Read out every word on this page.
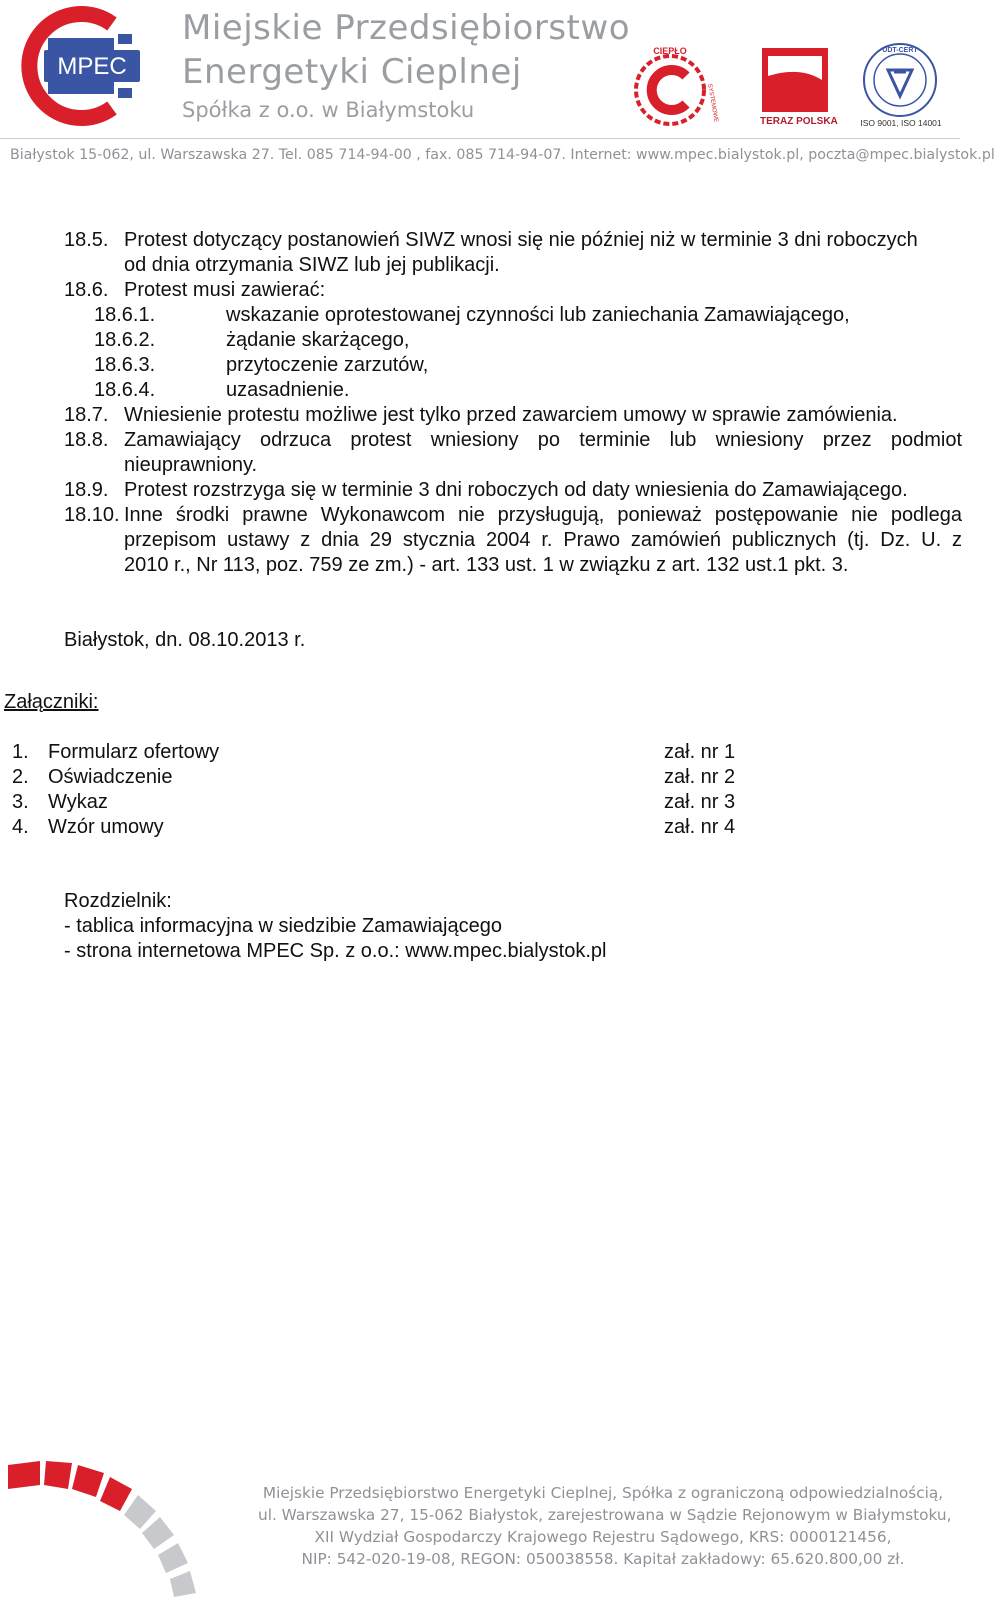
MPEC
Miejskie Przedsiębiorstwo
Energetyki Cieplnej
Spółka z o.o. w Białymstoku
CIEPŁO
SYSTEMOWE	TERAZ POLSKA
UDT-CERT
ISO 9001, ISO 14001
Białystok 15-062, ul. Warszawska 27. Tel. 085 714-94-00 , fax. 085 714-94-07. Internet: www.mpec.bialystok.pl, poczta@mpec.bialystok.pl
18.5. Protest dotyczący postanowień SIWZ wnosi się nie później niż w terminie 3 dni roboczych
od dnia otrzymania SIWZ lub jej publikacji.
18.6. Protest musi zawierać:
18.6.1.	wskazanie oprotestowanej czynności lub zaniechania Zamawiającego,
18.6.2.	żądanie skarżącego,
18.6.3.	przytoczenie zarzutów,
18.6.4.	uzasadnienie.
18.7. Wniesienie protestu możliwe jest tylko przed zawarciem umowy w sprawie zamówienia.
18.8. Zamawiający odrzuca protest wniesiony po terminie lub wniesiony przez podmiot
nieuprawniony.
18.9. Protest rozstrzyga się w terminie 3 dni roboczych od daty wniesienia do Zamawiającego.
18.10. Inne środki prawne Wykonawcom nie przysługują, ponieważ postępowanie nie podlega
przepisom ustawy z dnia 29 stycznia 2004 r. Prawo zamówień publicznych (tj. Dz. U. z
2010 r., Nr 113, poz. 759 ze zm.) - art. 133 ust. 1 w związku z art. 132 ust.1 pkt. 3.
Białystok, dn. 08.10.2013 r.
Załączniki:
1. Formularz ofertowy	zał. nr 1
2. Oświadczenie	zał. nr 2
3. Wykaz	zał. nr 3
4. Wzór umowy	zał. nr 4
Rozdzielnik:
- tablica informacyjna w siedzibie Zamawiającego
- strona internetowa MPEC Sp. z o.o.: www.mpec.bialystok.pl
Miejskie Przedsiębiorstwo Energetyki Cieplnej, Spółka z ograniczoną odpowiedzialnością,
ul. Warszawska 27, 15-062 Białystok, zarejestrowana w Sądzie Rejonowym w Białymstoku,
XII Wydział Gospodarczy Krajowego Rejestru Sądowego, KRS: 0000121456,
NIP: 542-020-19-08, REGON: 050038558. Kapitał zakładowy: 65.620.800,00 zł.
